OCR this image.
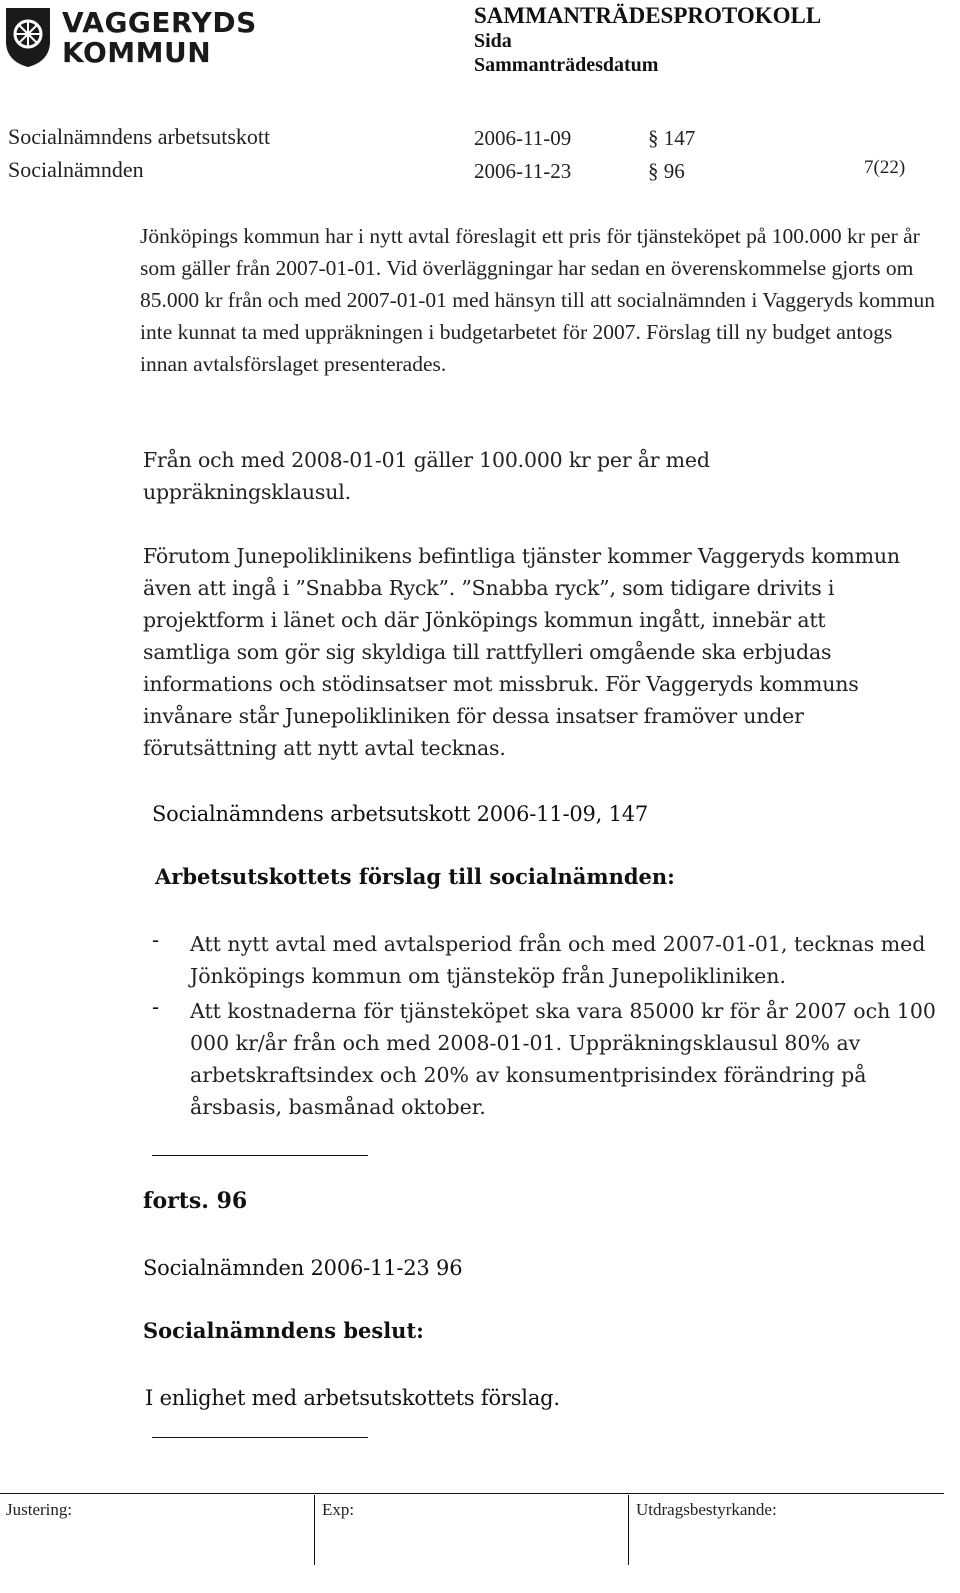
VAGGERYDS
KOMMUN
SAMMANTRÄDESPROTOKOLL
Sida
Sammanträdesdatum
Socialnämndens arbetsutskott	2006-11-09	§ 147
Socialnämnden	2006-11-23	§ 96	7(22)
Jönköpings kommun har i nytt avtal föreslagit ett pris för tjänsteköpet på 100.000 kr per år som gäller från 2007-01-01. Vid överläggningar har sedan en överenskommelse gjorts om 85.000 kr från och med 2007-01-01 med hänsyn till att socialnämnden i Vaggeryds kommun inte kunnat ta med uppräkningen i budgetarbetet för 2007. Förslag till ny budget antogs innan avtalsförslaget presenterades.
Från och med 2008-01-01 gäller 100.000 kr per år med uppräkningsklausul.
Förutom Junepoliklinikens befintliga tjänster kommer Vaggeryds kommun även att ingå i ”Snabba Ryck”. ”Snabba ryck”, som tidigare drivits i projektform i länet och där Jönköpings kommun ingått, innebär att samtliga som gör sig skyldiga till rattfylleri omgående ska erbjudas informations och stödinsatser mot missbruk. För Vaggeryds kommuns invånare står Junepolikliniken för dessa insatser framöver under förutsättning att nytt avtal tecknas.
Socialnämndens arbetsutskott 2006-11-09, 147
Arbetsutskottets förslag till socialnämnden:
- Att nytt avtal med avtalsperiod från och med 2007-01-01, tecknas med Jönköpings kommun om tjänsteköp från Junepolikliniken.
- Att kostnaderna för tjänsteköpet ska vara 85000 kr för år 2007 och 100 000 kr/år från och med 2008-01-01. Uppräkningsklausul 80% av arbetskraftsindex och 20% av konsumentprisindex förändring på årsbasis, basmånad oktober.
forts. 96
Socialnämnden 2006-11-23 96
Socialnämndens beslut:
I enlighet med arbetsutskottets förslag.
Justering:	Exp:	Utdragsbestyrkande:
